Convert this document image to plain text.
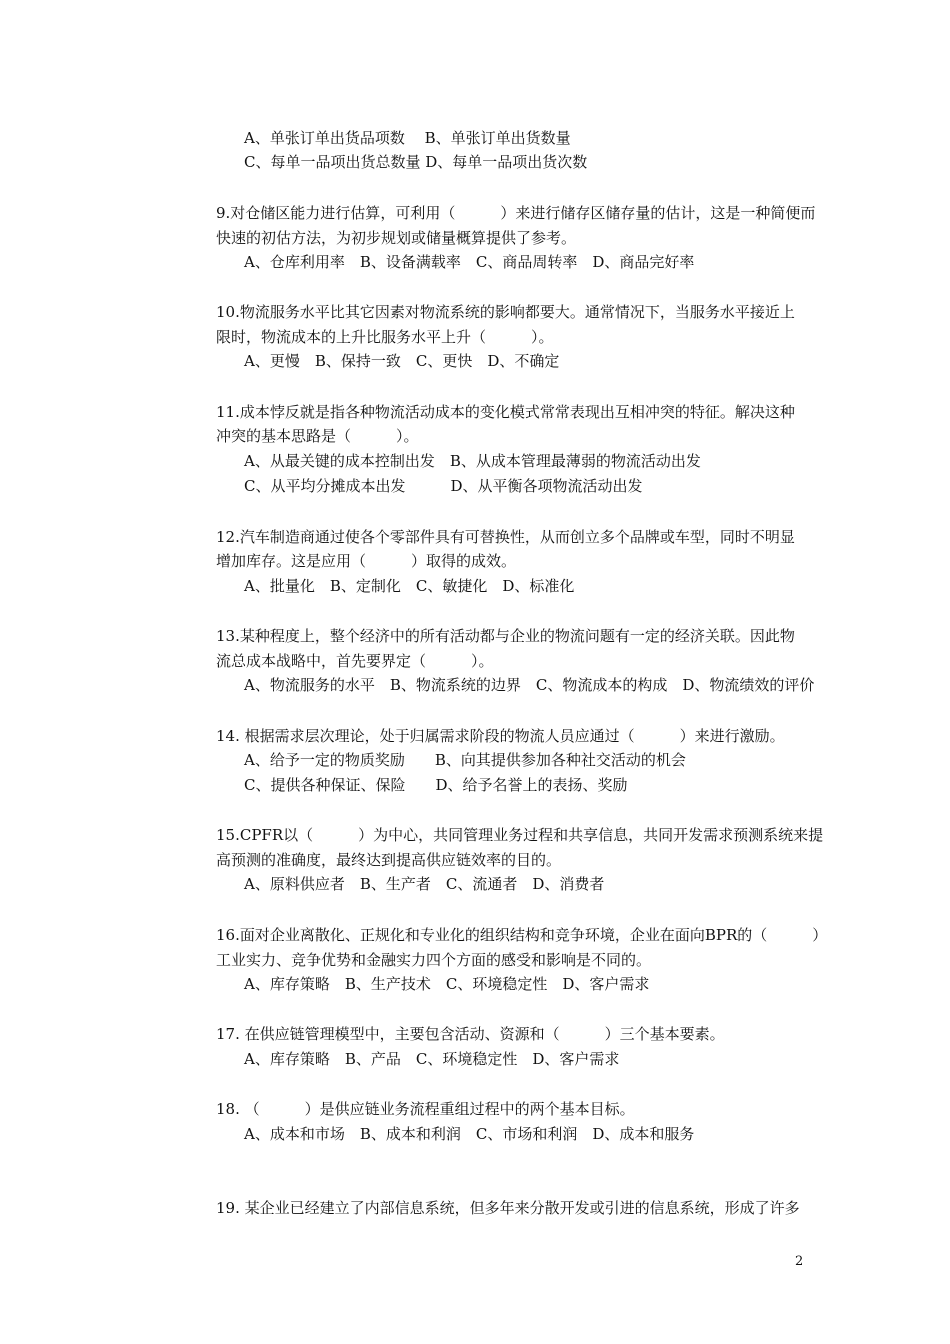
A、单张订单出货品项数　 B、单张订单出货数量
C、每单一品项出货总数量 D、每单一品项出货次数
9.对仓储区能力进行估算，可利用（　　　）来进行储存区储存量的估计，这是一种简便而
快速的初估方法，为初步规划或储量概算提供了参考。
A、仓库利用率　B、设备满载率　C、商品周转率　D、商品完好率
10.物流服务水平比其它因素对物流系统的影响都要大。通常情况下，当服务水平接近上
限时，物流成本的上升比服务水平上升（　　　）。
A、更慢　B、保持一致　C、更快　D、不确定
11.成本悖反就是指各种物流活动成本的变化模式常常表现出互相冲突的特征。解决这种
冲突的基本思路是（　　　）。
A、从最关键的成本控制出发　B、从成本管理最薄弱的物流活动出发
C、从平均分摊成本出发　　　D、从平衡各项物流活动出发
12.汽车制造商通过使各个零部件具有可替换性，从而创立多个品牌或车型，同时不明显
增加库存。这是应用（　　　）取得的成效。
A、批量化　B、定制化　C、敏捷化　D、标准化
13.某种程度上，整个经济中的所有活动都与企业的物流问题有一定的经济关联。因此物
流总成本战略中，首先要界定（　　　）。
A、物流服务的水平　B、物流系统的边界　C、物流成本的构成　D、物流绩效的评价
14. 根据需求层次理论，处于归属需求阶段的物流人员应通过（　　　）来进行激励。
A、给予一定的物质奖励　　B、向其提供参加各种社交活动的机会
C、提供各种保证、保险　　D、给予名誉上的表扬、奖励
15.CPFR以（　　　）为中心，共同管理业务过程和共享信息，共同开发需求预测系统来提
高预测的准确度，最终达到提高供应链效率的目的。
A、原料供应者　B、生产者　C、流通者　D、消费者
16.面对企业离散化、正规化和专业化的组织结构和竞争环境，企业在面向BPR的（　　　）
工业实力、竞争优势和金融实力四个方面的感受和影响是不同的。
A、库存策略　B、生产技术　C、环境稳定性　D、客户需求
17. 在供应链管理模型中，主要包含活动、资源和（　　　）三个基本要素。
A、库存策略　B、产品　C、环境稳定性　D、客户需求
18. （　　　）是供应链业务流程重组过程中的两个基本目标。
A、成本和市场　B、成本和利润　C、市场和利润　D、成本和服务
19. 某企业已经建立了内部信息系统，但多年来分散开发或引进的信息系统，形成了许多
2
